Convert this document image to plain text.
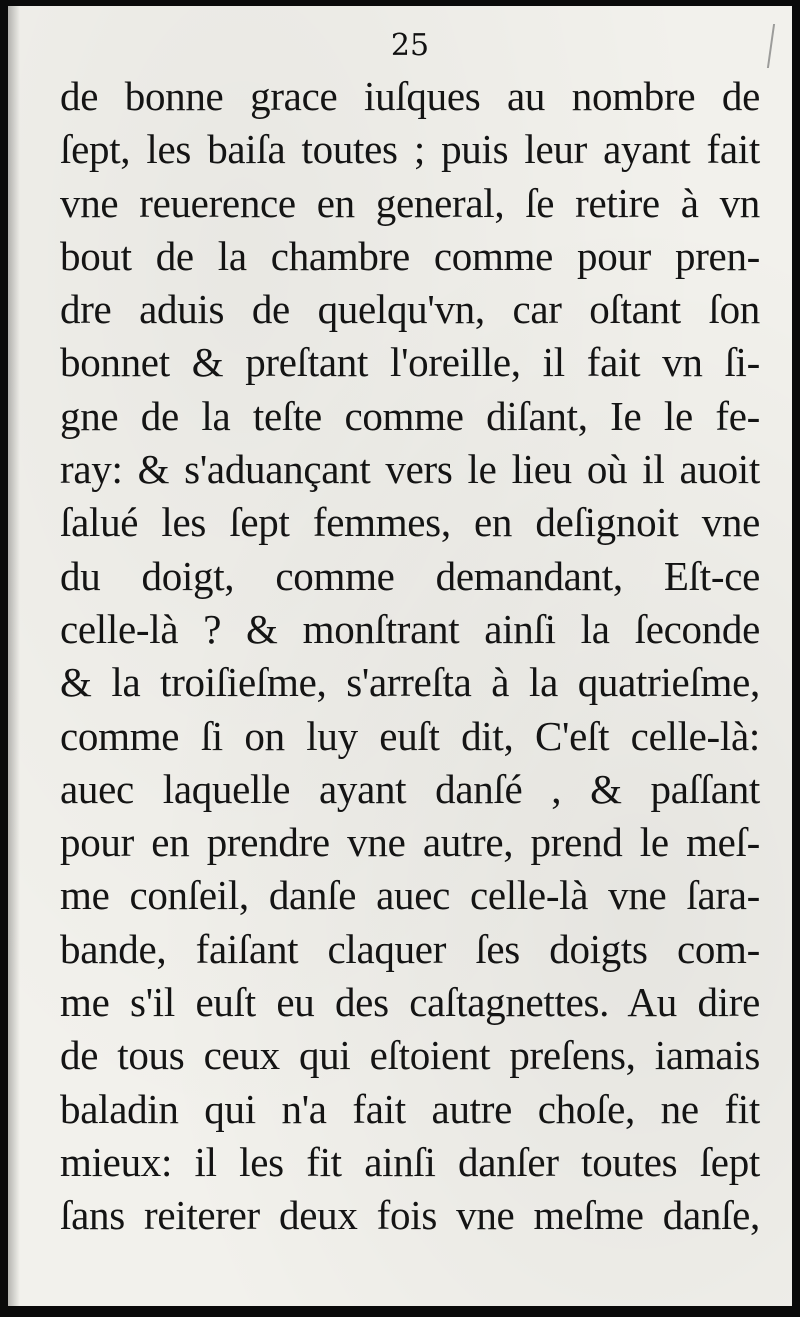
25
de bonne grace iuſques au nombre de
ſept, les baiſa toutes ; puis leur ayant fait
vne reuerence en general, ſe retire à vn
bout de la chambre comme pour pren-
dre aduis de quelqu'vn, car oſtant ſon
bonnet & preſtant l'oreille, il fait vn ſi-
gne de la teſte comme diſant, Ie le fe-
ray: & s'aduançant vers le lieu où il auoit
ſalué les ſept femmes, en deſignoit vne
du doigt, comme demandant, Eſt-ce
celle-là ? & monſtrant ainſi la ſeconde
& la troiſieſme, s'arreſta à la quatrieſme,
comme ſi on luy euſt dit, C'eſt celle-là:
auec laquelle ayant danſé , & paſſant
pour en prendre vne autre, prend le meſ-
me conſeil, danſe auec celle-là vne ſara-
bande, faiſant claquer ſes doigts com-
me s'il euſt eu des caſtagnettes. Au dire
de tous ceux qui eſtoient preſens, iamais
baladin qui n'a fait autre choſe, ne fit
mieux: il les fit ainſi danſer toutes ſept
ſans reiterer deux fois vne meſme danſe,
